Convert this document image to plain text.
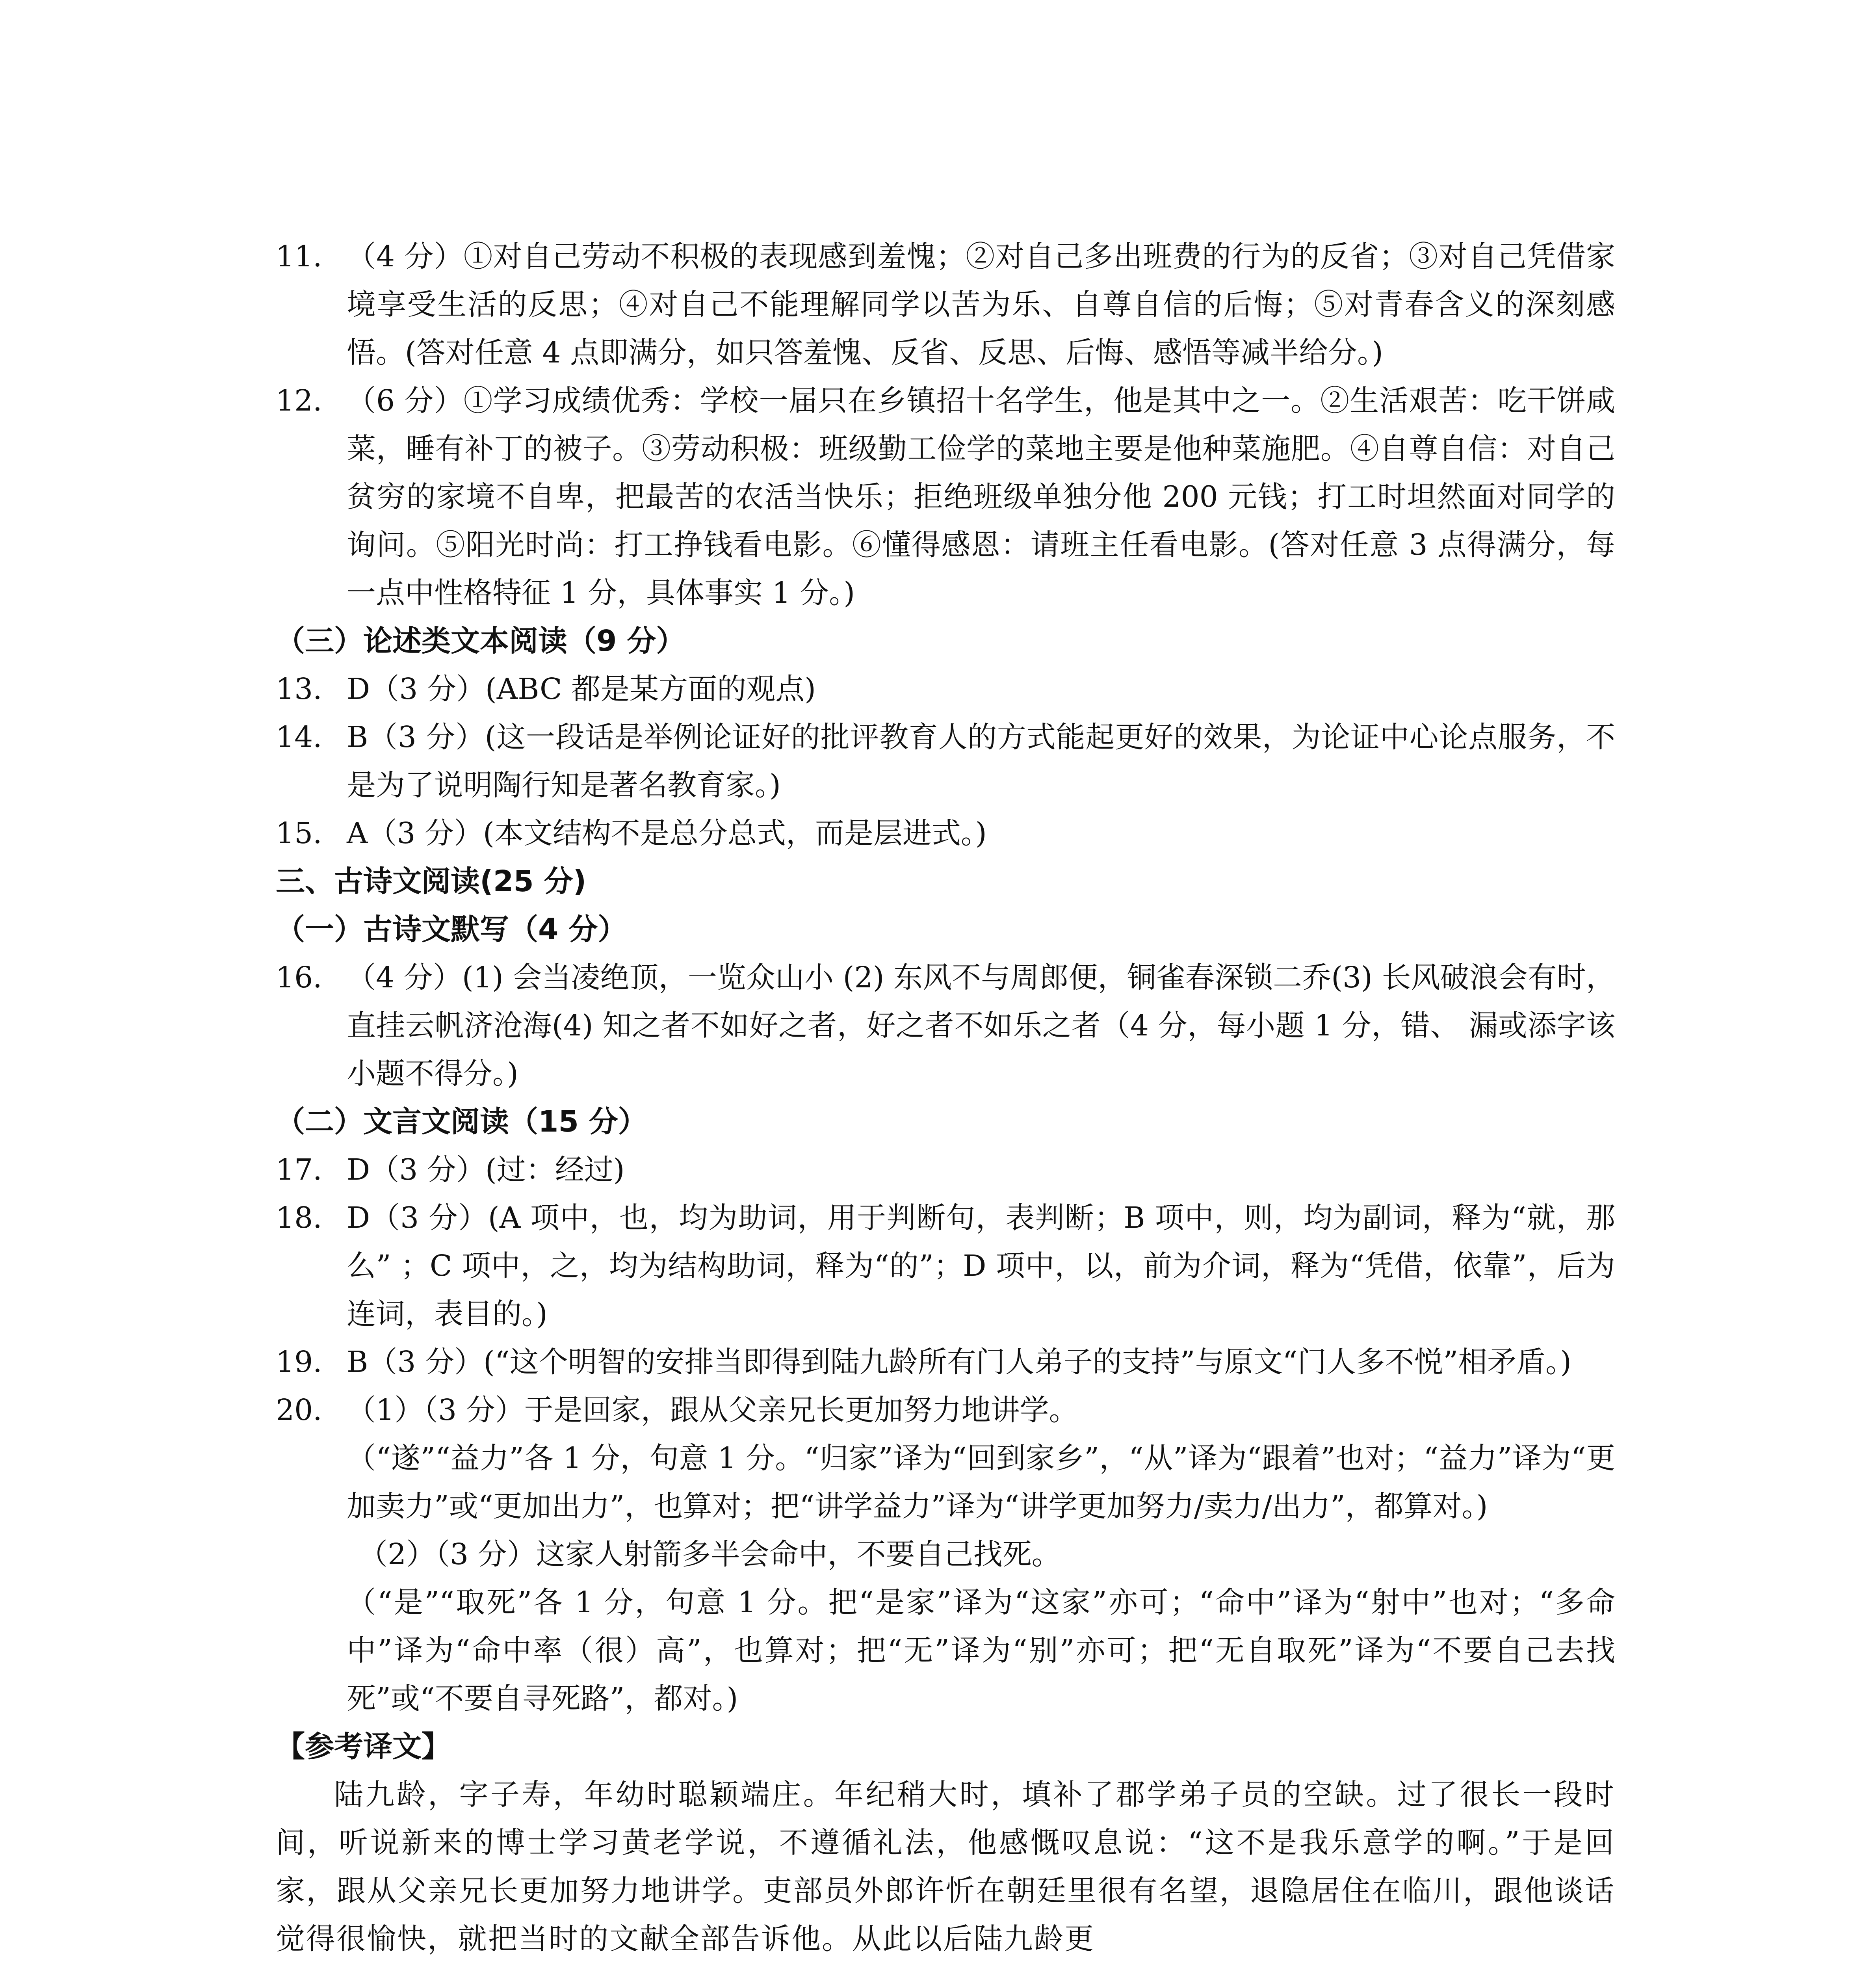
11. （4 分）①对自己劳动不积极的表现感到羞愧；②对自己多出班费的行为的反省；③对自己凭借家境享受生活的反思；④对自己不能理解同学以苦为乐、自尊自信的后悔；⑤对青春含义的深刻感悟。(答对任意 4 点即满分，如只答羞愧、反省、反思、后悔、感悟等减半给分。)

12. （6 分）①学习成绩优秀：学校一届只在乡镇招十名学生，他是其中之一。②生活艰苦：吃干饼咸菜，睡有补丁的被子。③劳动积极：班级勤工俭学的菜地主要是他种菜施肥。④自尊自信：对自己贫穷的家境不自卑，把最苦的农活当快乐；拒绝班级单独分他 200 元钱；打工时坦然面对同学的询问。⑤阳光时尚：打工挣钱看电影。⑥懂得感恩：请班主任看电影。(答对任意 3 点得满分，每一点中性格特征 1 分，具体事实 1 分。)

（三）论述类文本阅读（9 分）

13. D（3 分）(ABC 都是某方面的观点)

14. B（3 分）(这一段话是举例论证好的批评教育人的方式能起更好的效果，为论证中心论点服务，不是为了说明陶行知是著名教育家。)

15. A（3 分）(本文结构不是总分总式，而是层进式。)

三、古诗文阅读(25 分)

（一）古诗文默写（4 分）

16. （4 分）(1) 会当凌绝顶，一览众山小 (2) 东风不与周郎便，铜雀春深锁二乔(3) 长风破浪会有时，直挂云帆济沧海(4) 知之者不如好之者，好之者不如乐之者（4 分，每小题 1 分，错、 漏或添字该小题不得分。)

（二）文言文阅读（15 分）

17. D（3 分）(过：经过)

18. D（3 分）(A 项中，也，均为助词，用于判断句，表判断；B 项中，则，均为副词，释为“就，那么” ；C 项中，之，均为结构助词，释为“的”；D 项中，以，前为介词，释为“凭借，依靠”，后为连词，表目的。)

19. B（3 分）(“这个明智的安排当即得到陆九龄所有门人弟子的支持”与原文“门人多不悦”相矛盾。)

20. （1）（3 分）于是回家，跟从父亲兄长更加努力地讲学。

（“遂”“益力”各 1 分，句意 1 分。“归家”译为“回到家乡”，“从”译为“跟着”也对；“益力”译为“更加卖力”或“更加出力”，也算对；把“讲学益力”译为“讲学更加努力/卖力/出力”，都算对。)

（2）（3 分）这家人射箭多半会命中，不要自己找死。

（“是”“取死”各 1 分，句意 1 分。把“是家”译为“这家”亦可；“命中”译为“射中”也对；“多命中”译为“命中率（很）高”，也算对；把“无”译为“别”亦可；把“无自取死”译为“不要自己去找死”或“不要自寻死路”，都对。)

【参考译文】

陆九龄，字子寿，年幼时聪颖端庄。年纪稍大时，填补了郡学弟子员的空缺。过了很长一段时间，听说新来的博士学习黄老学说，不遵循礼法，他感慨叹息说：“这不是我乐意学的啊。”于是回家，跟从父亲兄长更加努力地讲学。吏部员外郎许忻在朝廷里很有名望，退隐居住在临川，跟他谈话觉得很愉快，就把当时的文献全部告诉他。从此以后陆九龄更
